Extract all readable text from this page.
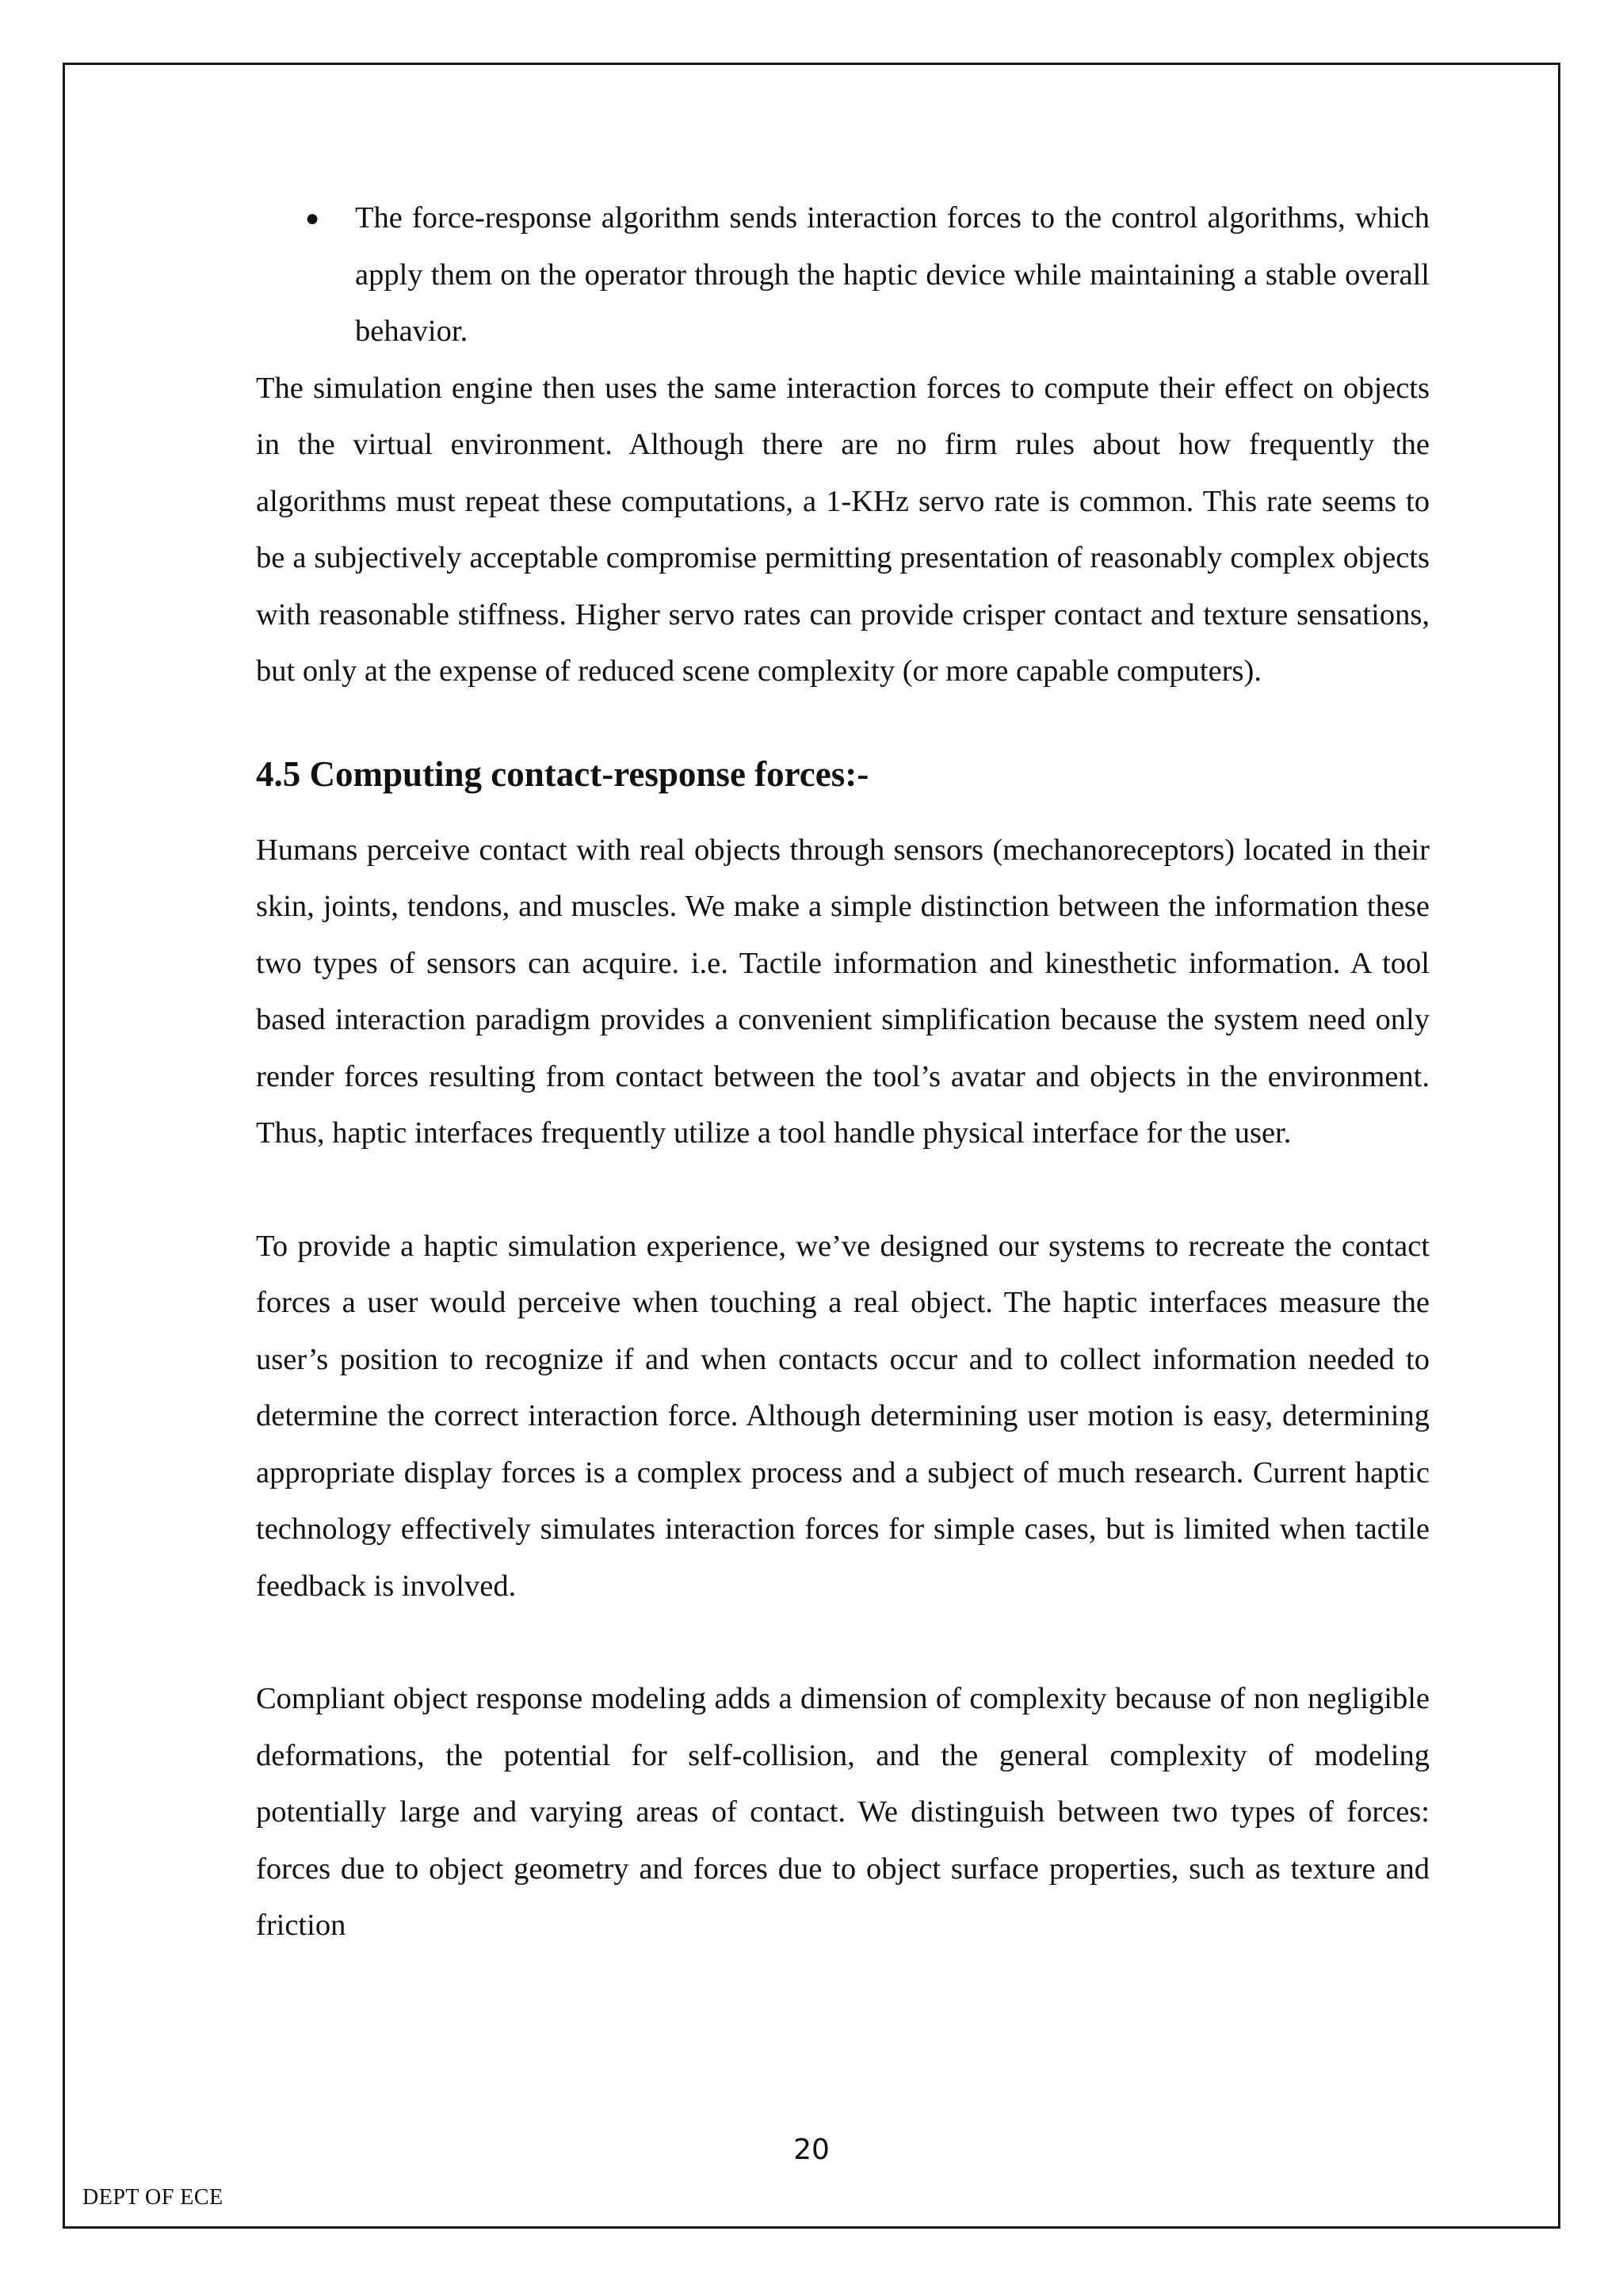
● The force-response algorithm sends interaction forces to the control algorithms, which apply them on the operator through the haptic device while maintaining a stable overall behavior.

The simulation engine then uses the same interaction forces to compute their effect on objects in the virtual environment. Although there are no firm rules about how frequently the algorithms must repeat these computations, a 1-KHz servo rate is common. This rate seems to be a subjectively acceptable compromise permitting presentation of reasonably complex objects with reasonable stiffness. Higher servo rates can provide crisper contact and texture sensations, but only at the expense of reduced scene complexity (or more capable computers).

4.5 Computing contact-response forces:-

Humans perceive contact with real objects through sensors (mechanoreceptors) located in their skin, joints, tendons, and muscles. We make a simple distinction between the information these two types of sensors can acquire. i.e. Tactile information and kinesthetic information. A tool based interaction paradigm provides a convenient simplification because the system need only render forces resulting from contact between the tool’s avatar and objects in the environment. Thus, haptic interfaces frequently utilize a tool handle physical interface for the user.

To provide a haptic simulation experience, we’ve designed our systems to recreate the contact forces a user would perceive when touching a real object. The haptic interfaces measure the user’s position to recognize if and when contacts occur and to collect information needed to determine the correct interaction force. Although determining user motion is easy, determining appropriate display forces is a complex process and a subject of much research. Current haptic technology effectively simulates interaction forces for simple cases, but is limited when tactile feedback is involved.

Compliant object response modeling adds a dimension of complexity because of non negligible deformations, the potential for self-collision, and the general complexity of modeling potentially large and varying areas of contact. We distinguish between two types of forces: forces due to object geometry and forces due to object surface properties, such as texture and friction

20
DEPT OF ECE
